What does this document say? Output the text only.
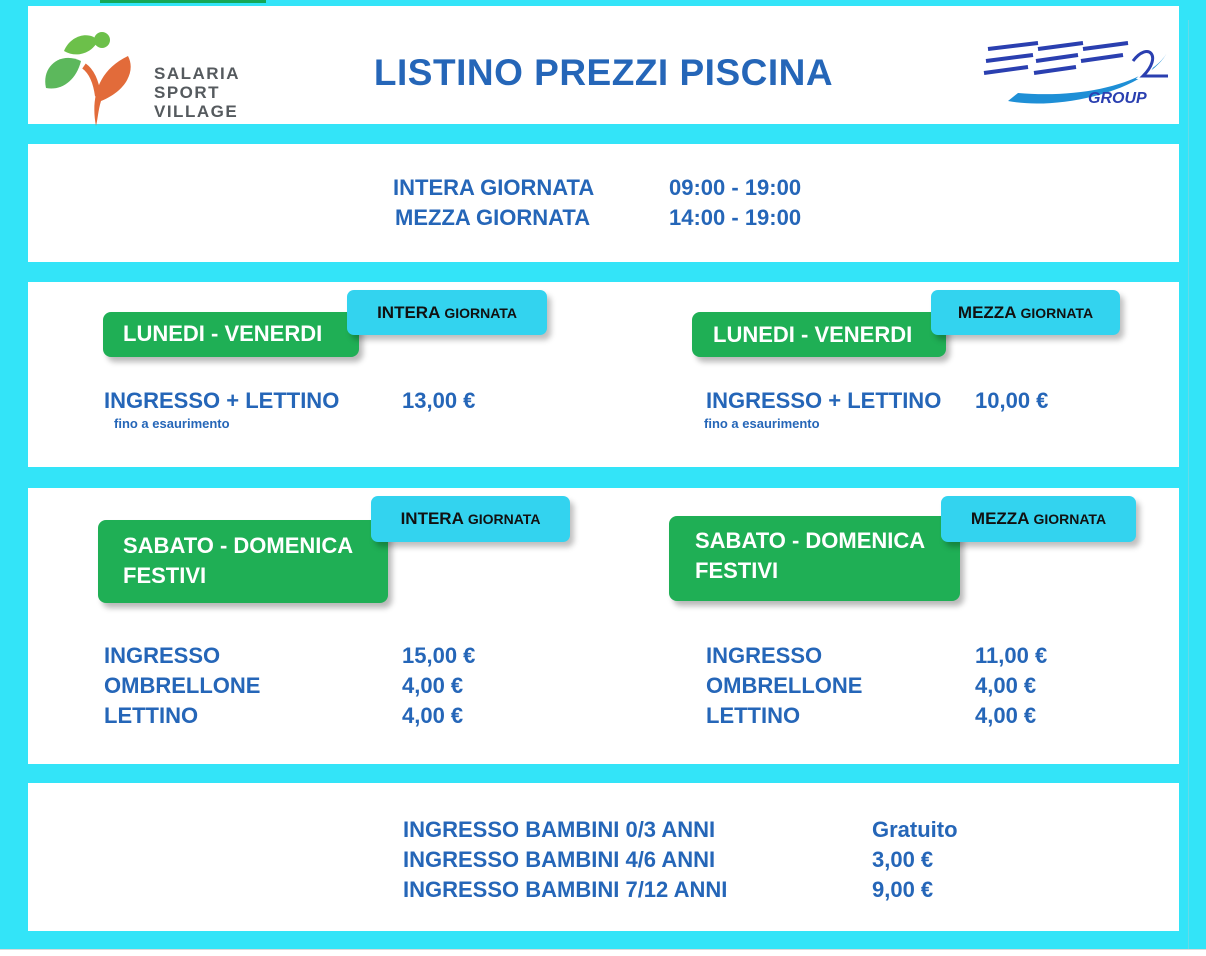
SALARIA
SPORT
VILLAGE
LISTINO PREZZI PISCINA
GROUP
INTERA GIORNATA	09:00 - 19:00
MEZZA GIORNATA	14:00 - 19:00
LUNEDI - VENERDI
INTERA GIORNATA
INGRESSO + LETTINO	13,00 €
fino a esaurimento
LUNEDI - VENERDI
MEZZA GIORNATA
INGRESSO + LETTINO 10,00 €
fino a esaurimento
SABATO - DOMENICA
FESTIVI
INTERA GIORNATA
INGRESSO	15,00 €
OMBRELLONE	4,00 €
LETTINO	4,00 €
SABATO - DOMENICA
FESTIVI
MEZZA GIORNATA
INGRESSO	11,00 €
OMBRELLONE	4,00 €
LETTINO	4,00 €
INGRESSO BAMBINI 0/3 ANNI	Gratuito
INGRESSO BAMBINI 4/6 ANNI	3,00 €
INGRESSO BAMBINI 7/12 ANNI	9,00 €
